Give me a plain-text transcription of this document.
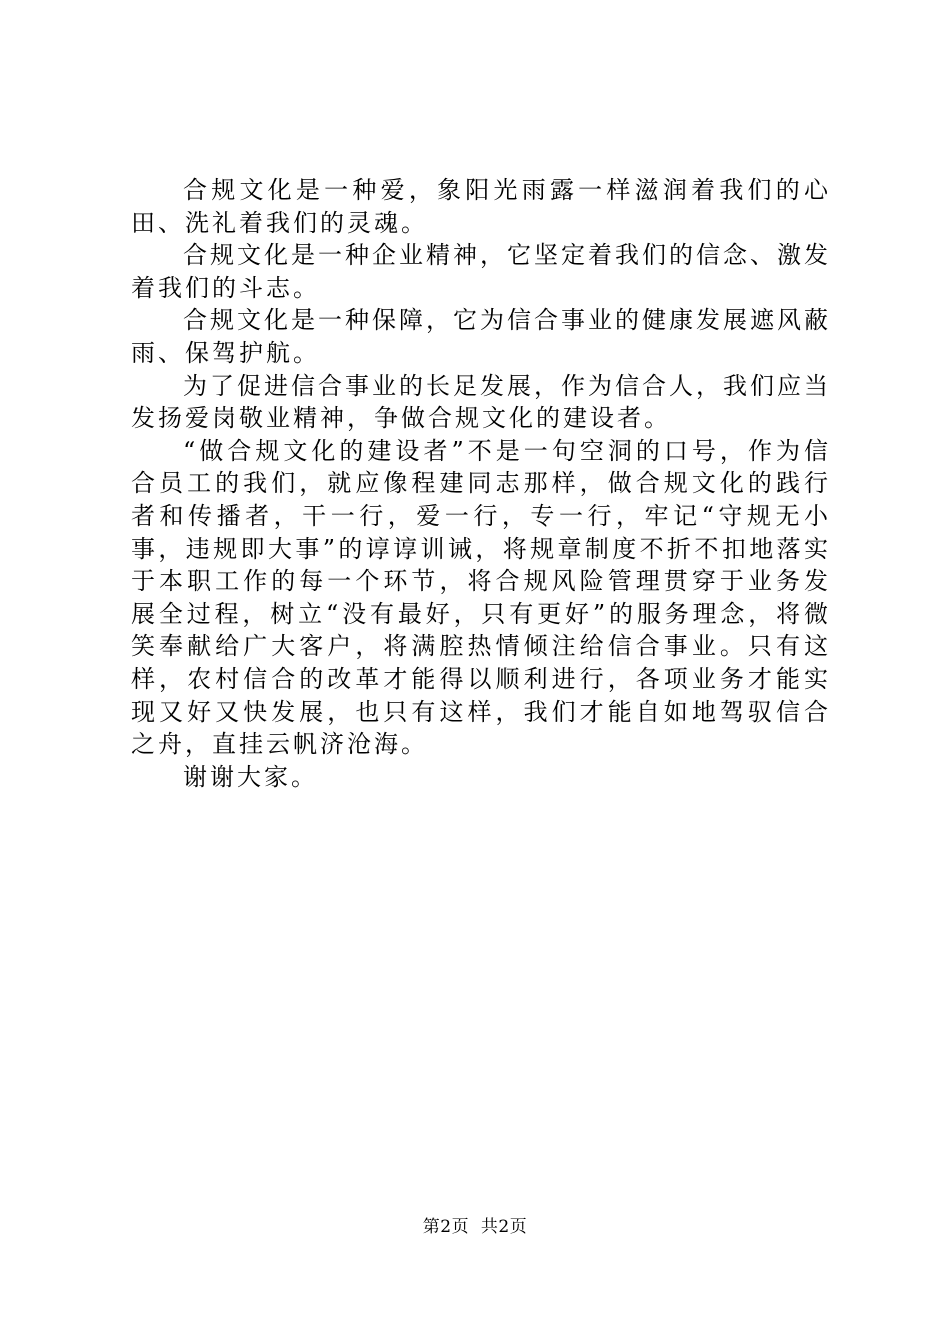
合规文化是一种爱，象阳光雨露一样滋润着我们的心田、洗礼着我们的灵魂。

合规文化是一种企业精神，它坚定着我们的信念、激发着我们的斗志。

合规文化是一种保障，它为信合事业的健康发展遮风蔽雨、保驾护航。

为了促进信合事业的长足发展，作为信合人，我们应当发扬爱岗敬业精神，争做合规文化的建设者。

“做合规文化的建设者”不是一句空洞的口号，作为信合员工的我们，就应像程建同志那样，做合规文化的践行者和传播者，干一行，爱一行，专一行，牢记“守规无小事，违规即大事”的谆谆训诫，将规章制度不折不扣地落实于本职工作的每一个环节，将合规风险管理贯穿于业务发展全过程，树立“没有最好，只有更好”的服务理念，将微笑奉献给广大客户，将满腔热情倾注给信合事业。只有这样，农村信合的改革才能得以顺利进行，各项业务才能实现又好又快发展，也只有这样，我们才能自如地驾驭信合之舟，直挂云帆济沧海。

谢谢大家。

第2页  共2页
